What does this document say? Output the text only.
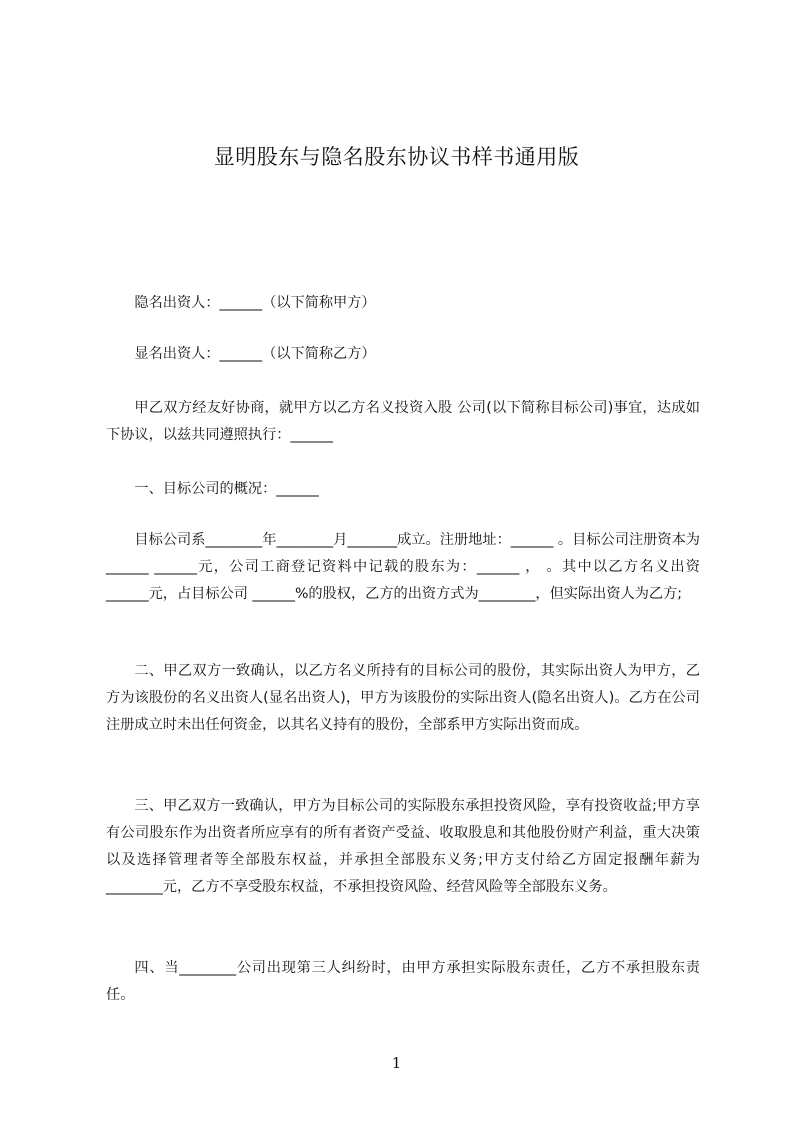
显明股东与隐名股东协议书样书通用版

隐名出资人：______（以下简称甲方）

显名出资人：______（以下简称乙方）

甲乙双方经友好协商，就甲方以乙方名义投资入股 公司(以下简称目标公司)事宜，达成如下协议，以兹共同遵照执行：______

一、目标公司的概况：______

目标公司系________年________月_______成立。注册地址：______ 。目标公司注册资本为______ ______元，公司工商登记资料中记载的股东为：______ ， 。其中以乙方名义出资 ______元，占目标公司 ______%的股权，乙方的出资方式为________，但实际出资人为乙方;

二、甲乙双方一致确认，以乙方名义所持有的目标公司的股份，其实际出资人为甲方，乙方为该股份的名义出资人(显名出资人)，甲方为该股份的实际出资人(隐名出资人)。乙方在公司注册成立时未出任何资金，以其名义持有的股份，全部系甲方实际出资而成。

三、甲乙双方一致确认，甲方为目标公司的实际股东承担投资风险，享有投资收益;甲方享有公司股东作为出资者所应享有的所有者资产受益、收取股息和其他股份财产利益，重大决策以及选择管理者等全部股东权益，并承担全部股东义务;甲方支付给乙方固定报酬年薪为________元，乙方不享受股东权益，不承担投资风险、经营风险等全部股东义务。

四、当________公司出现第三人纠纷时，由甲方承担实际股东责任，乙方不承担股东责任。

1
